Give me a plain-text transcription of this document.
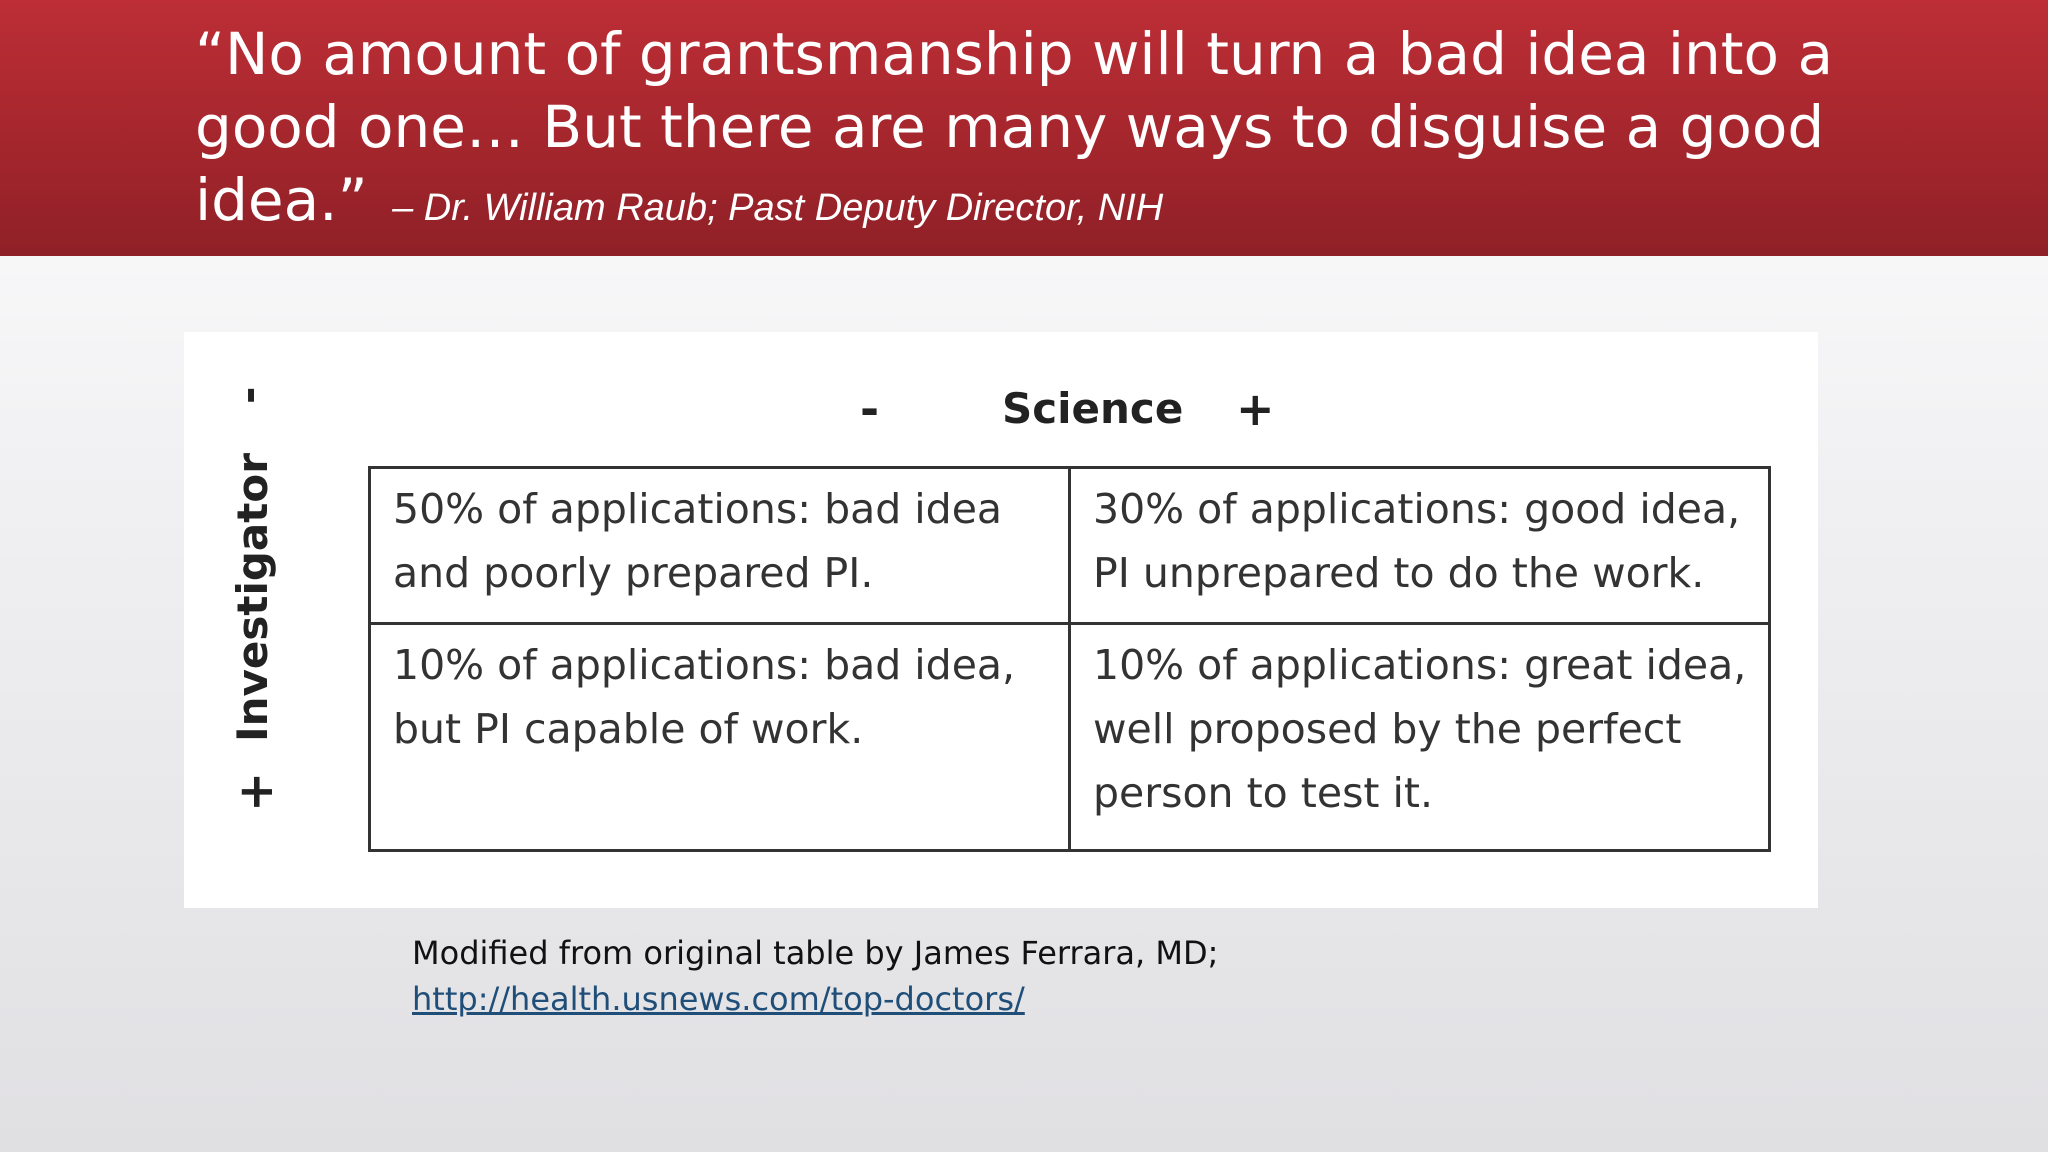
“No amount of grantsmanship will turn a bad idea into a good one… But there are many ways to disguise a good idea.” – Dr. William Raub; Past Deputy Director, NIH

-	Science +
+
Investigator
-
50% of applications: bad idea and poorly prepared PI.	30% of applications: good idea, PI unprepared to do the work.
10% of applications: bad idea, but PI capable of work.	10% of applications: great idea, well proposed by the perfect person to test it.
Modified from original table by James Ferrara, MD;
http://health.usnews.com/top-doctors/
